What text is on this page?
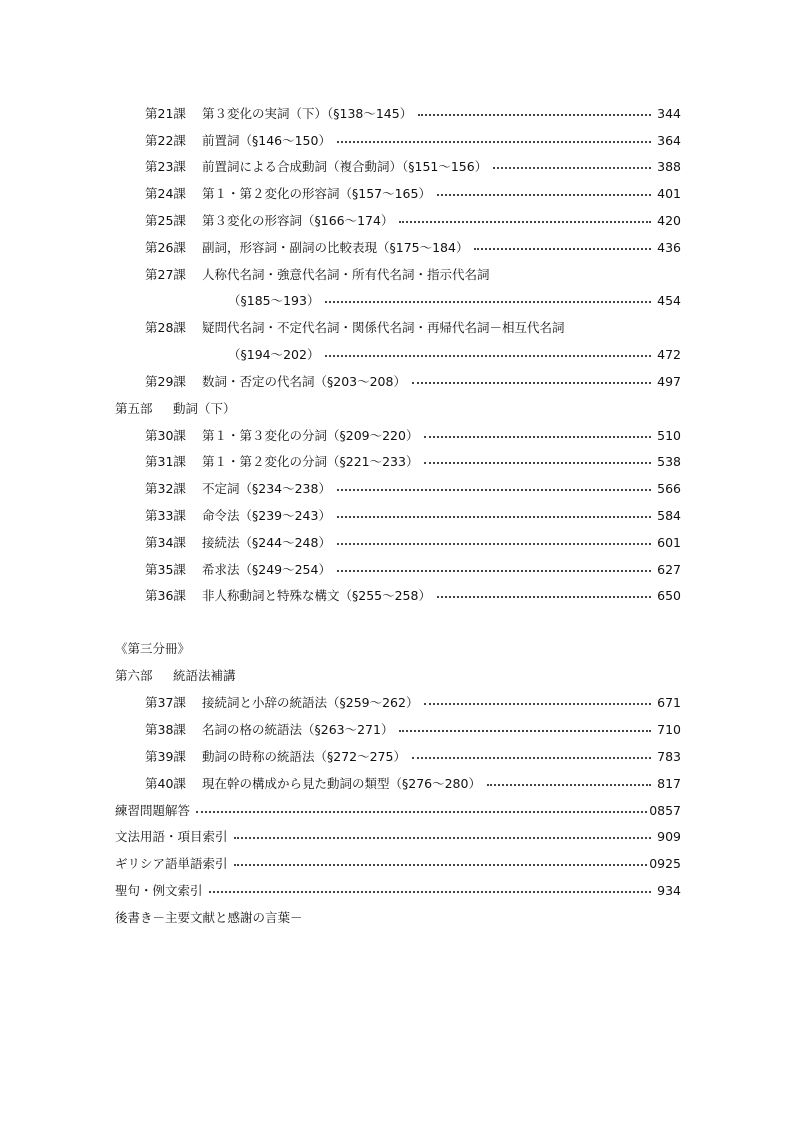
第21課	第３変化の実詞（下）（§138～145）	344
第22課	前置詞（§146～150）	364
第23課	前置詞による合成動詞（複合動詞）（§151～156）	388
第24課	第１・第２変化の形容詞（§157～165）	401
第25課	第３変化の形容詞（§166～174）	420
第26課	副詞，形容詞・副詞の比較表現（§175～184）	436
第27課	人称代名詞・強意代名詞・所有代名詞・指示代名詞
（§185～193）	454
第28課	疑問代名詞・不定代名詞・関係代名詞・再帰代名詞－相互代名詞
（§194～202）	472
第29課	数詞・否定の代名詞（§203～208）	497
第五部	動詞（下）
第30課	第１・第３変化の分詞（§209～220）	510
第31課	第１・第２変化の分詞（§221～233）	538
第32課	不定詞（§234～238）	566
第33課	命令法（§239～243）	584
第34課	接続法（§244～248）	601
第35課	希求法（§249～254）	627
第36課	非人称動詞と特殊な構文（§255～258）	650
《第三分冊》
第六部	統語法補講
第37課	接続詞と小辞の統語法（§259～262）	671
第38課	名詞の格の統語法（§263～271）	710
第39課	動詞の時称の統語法（§272～275）	783
第40課	現在幹の構成から見た動詞の類型（§276～280）	817
練習問題解答	0857
文法用語・項目索引	909
ギリシア語単語索引	0925
聖句・例文索引	934
後書き－主要文献と感謝の言葉－
